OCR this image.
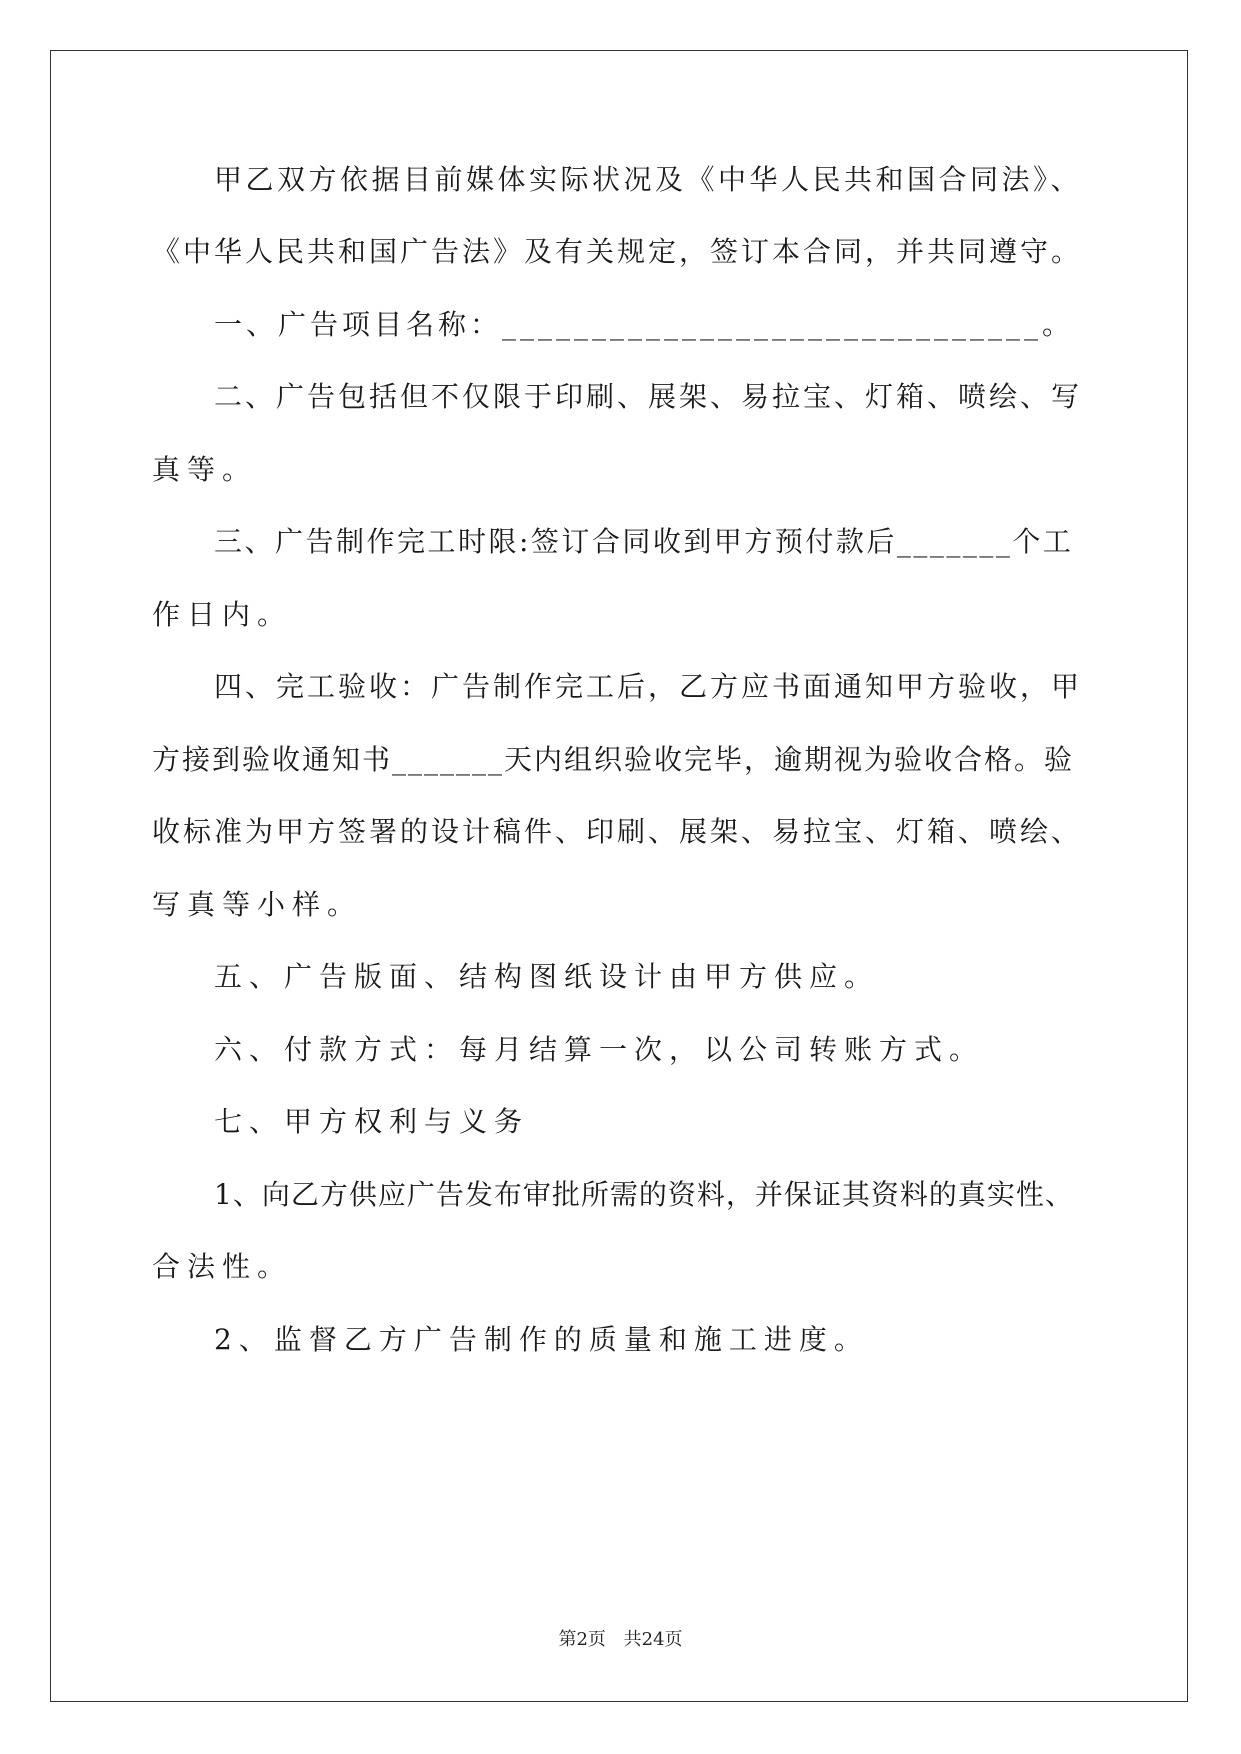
甲乙双方依据目前媒体实际状况及《中华人民共和国合同法》、
《中华人民共和国广告法》及有关规定，签订本合同，并共同遵守。
一、广告项目名称：______________________________。
二、广告包括但不仅限于印刷、展架、易拉宝、灯箱、喷绘、写
真等。
三、广告制作完工时限:签订合同收到甲方预付款后_______个工
作日内。
四、完工验收：广告制作完工后，乙方应书面通知甲方验收，甲
方接到验收通知书_______天内组织验收完毕，逾期视为验收合格。验
收标准为甲方签署的设计稿件、印刷、展架、易拉宝、灯箱、喷绘、
写真等小样。
五、广告版面、结构图纸设计由甲方供应。
六、付款方式：每月结算一次，以公司转账方式。
七、甲方权利与义务
1、向乙方供应广告发布审批所需的资料，并保证其资料的真实性、
合法性。
2、监督乙方广告制作的质量和施工进度。
第2页 共24页
